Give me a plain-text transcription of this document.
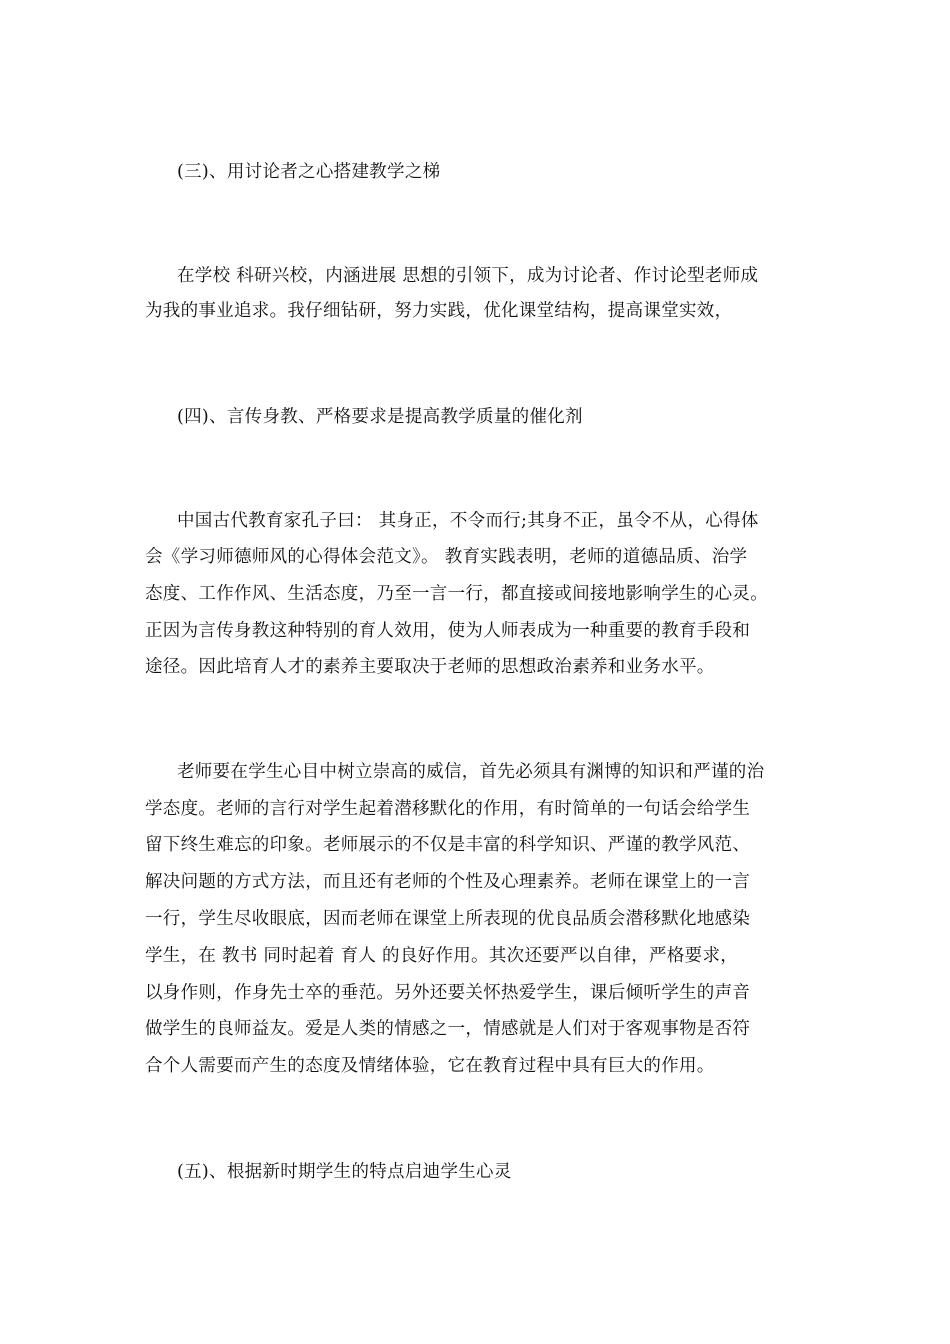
(三)、用讨论者之心搭建教学之梯
在学校 科研兴校，内涵进展 思想的引领下，成为讨论者、作讨论型老师成
为我的事业追求。我仔细钻研，努力实践，优化课堂结构，提高课堂实效，
(四)、言传身教、严格要求是提高教学质量的催化剂
中国古代教育家孔子曰： 其身正，不令而行;其身不正，虽令不从，心得体
会《学习师德师风的心得体会范文》。 教育实践表明，老师的道德品质、治学
态度、工作作风、生活态度，乃至一言一行，都直接或间接地影响学生的心灵。
正因为言传身教这种特别的育人效用，使为人师表成为一种重要的教育手段和
途径。因此培育人才的素养主要取决于老师的思想政治素养和业务水平。
老师要在学生心目中树立崇高的威信，首先必须具有渊博的知识和严谨的治
学态度。老师的言行对学生起着潜移默化的作用，有时简单的一句话会给学生
留下终生难忘的印象。老师展示的不仅是丰富的科学知识、严谨的教学风范、
解决问题的方式方法，而且还有老师的个性及心理素养。老师在课堂上的一言
一行，学生尽收眼底，因而老师在课堂上所表现的优良品质会潜移默化地感染
学生，在 教书 同时起着 育人 的良好作用。其次还要严以自律，严格要求，
以身作则，作身先士卒的垂范。另外还要关怀热爱学生，课后倾听学生的声音
做学生的良师益友。爱是人类的情感之一，情感就是人们对于客观事物是否符
合个人需要而产生的态度及情绪体验，它在教育过程中具有巨大的作用。
(五)、根据新时期学生的特点启迪学生心灵
